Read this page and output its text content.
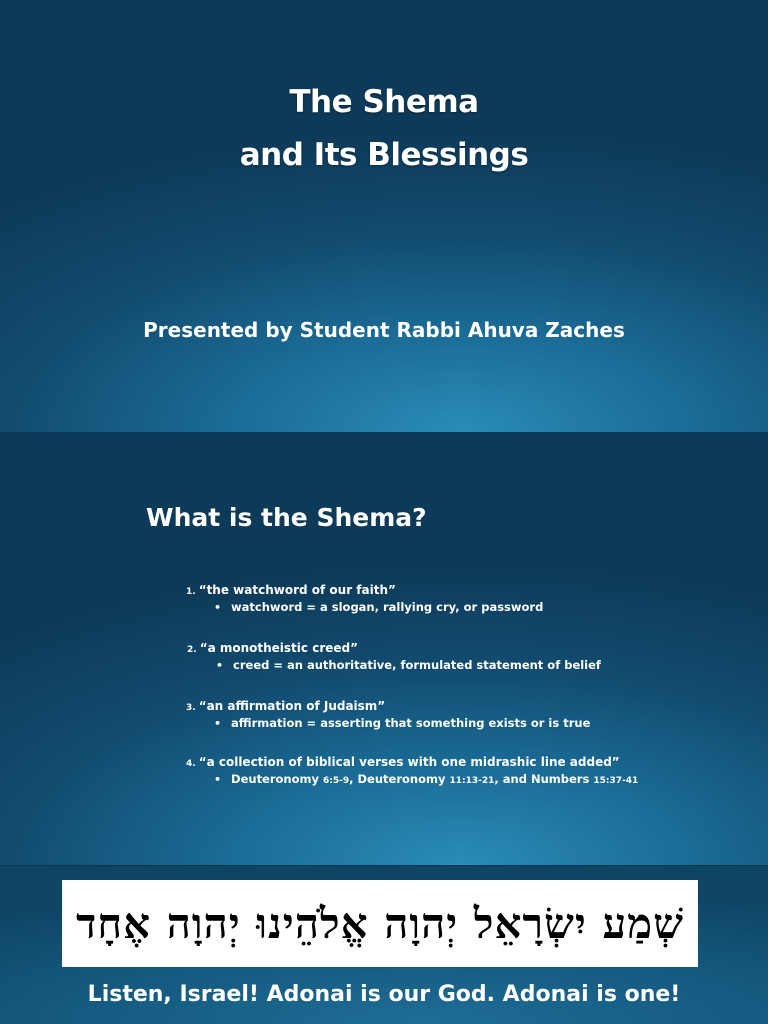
The Shema
and Its Blessings
Presented by Student Rabbi Ahuva Zaches
What is the Shema?
1. “the watchword of our faith”
• watchword = a slogan, rallying cry, or password
2. “a monotheistic creed”
• creed = an authoritative, formulated statement of belief
3. “an affirmation of Judaism”
• affirmation = asserting that something exists or is true
4. “a collection of biblical verses with one midrashic line added”
• Deuteronomy 6:5-9, Deuteronomy 11:13-21, and Numbers 15:37-41
שְׁמַע יִשְׂרָאֵל יְהוָה אֱלֹהֵינוּ יְהוָה אֶחָד
Listen, Israel! Adonai is our God. Adonai is one!
